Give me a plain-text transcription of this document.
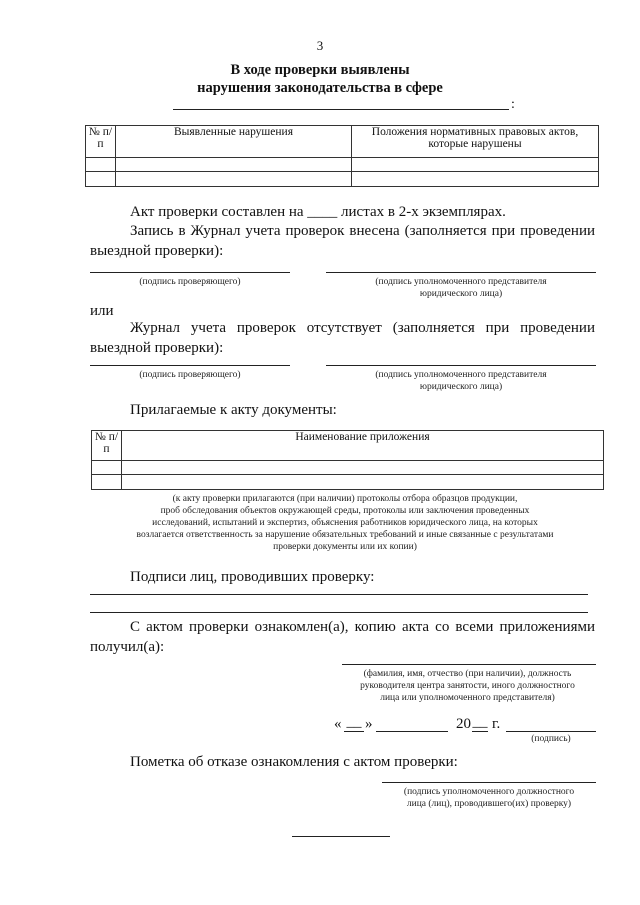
3
В ходе проверки выявлены
нарушения законодательства в сфере
:
№ п/п	Выявленные нарушения	Положения нормативных правовых актов, которые нарушены

Акт проверки составлен на ____ листах в 2-х экземплярах.
Запись в Журнал учета проверок внесена (заполняется при проведении выездной проверки):
(подпись проверяющего)	(подпись уполномоченного представителя
юридического лица)
или
Журнал учета проверок отсутствует (заполняется при проведении выездной проверки):
(подпись проверяющего)	(подпись уполномоченного представителя
юридического лица)
Прилагаемые к акту документы:
№ п/п	Наименование приложения

(к акту проверки прилагаются (при наличии) протоколы отбора образцов продукции,
проб обследования объектов окружающей среды, протоколы или заключения проведенных
исследований, испытаний и экспертиз, объяснения работников юридического лица, на которых
возлагается ответственность за нарушение обязательных требований и иные связанные с результатами
проверки документы или их копии)
Подписи лиц, проводивших проверку:
С актом проверки ознакомлен(а), копию акта со всеми приложениями получил(а):
(фамилия, имя, отчество (при наличии), должность
руководителя центра занятости, иного должностного
лица или уполномоченного представителя)
« __ »	20 __ г.
(подпись)
Пометка об отказе ознакомления с актом проверки:
(подпись уполномоченного должностного
лица (лиц), проводившего(их) проверку)
